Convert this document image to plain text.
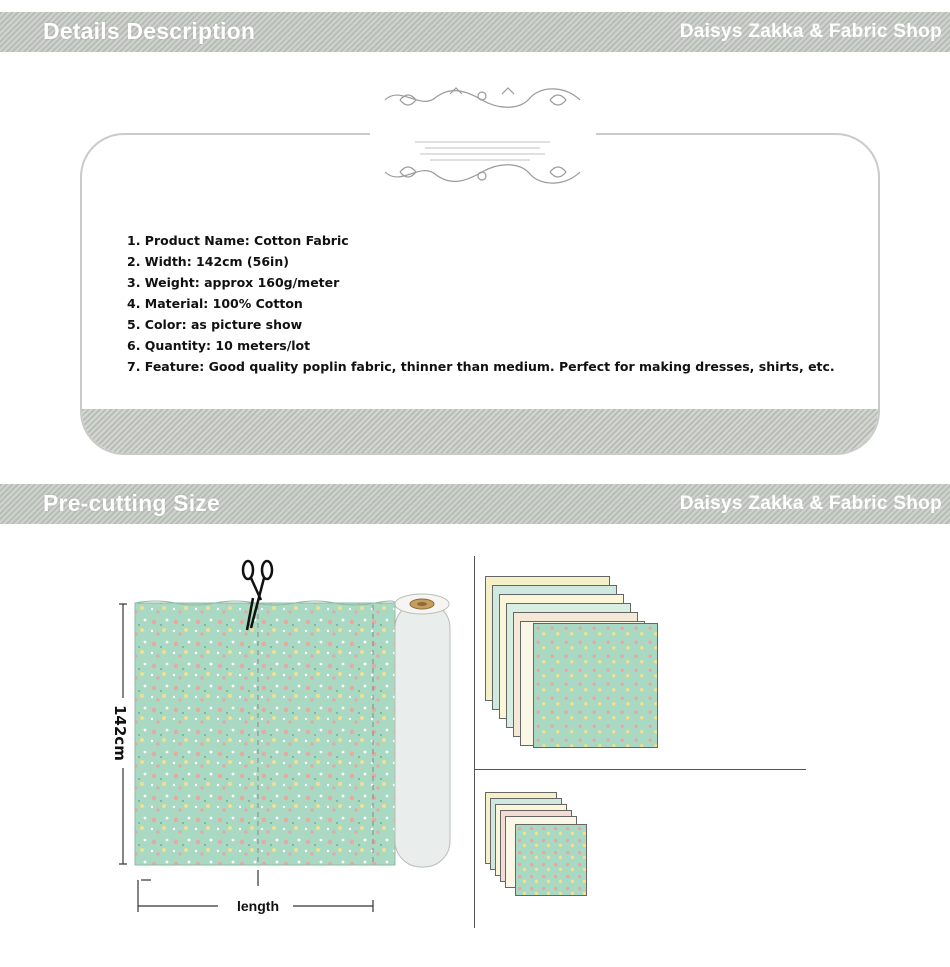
Details Description	Daisys Zakka & Fabric Shop
1. Product Name: Cotton Fabric
2. Width: 142cm (56in)
3. Weight: approx 160g/meter
4. Material: 100% Cotton
5. Color: as picture show
6. Quantity: 10 meters/lot
7. Feature: Good quality poplin fabric, thinner than medium. Perfect for making dresses, shirts, etc.
Pre-cutting Size	Daisys Zakka & Fabric Shop
142cm
length
